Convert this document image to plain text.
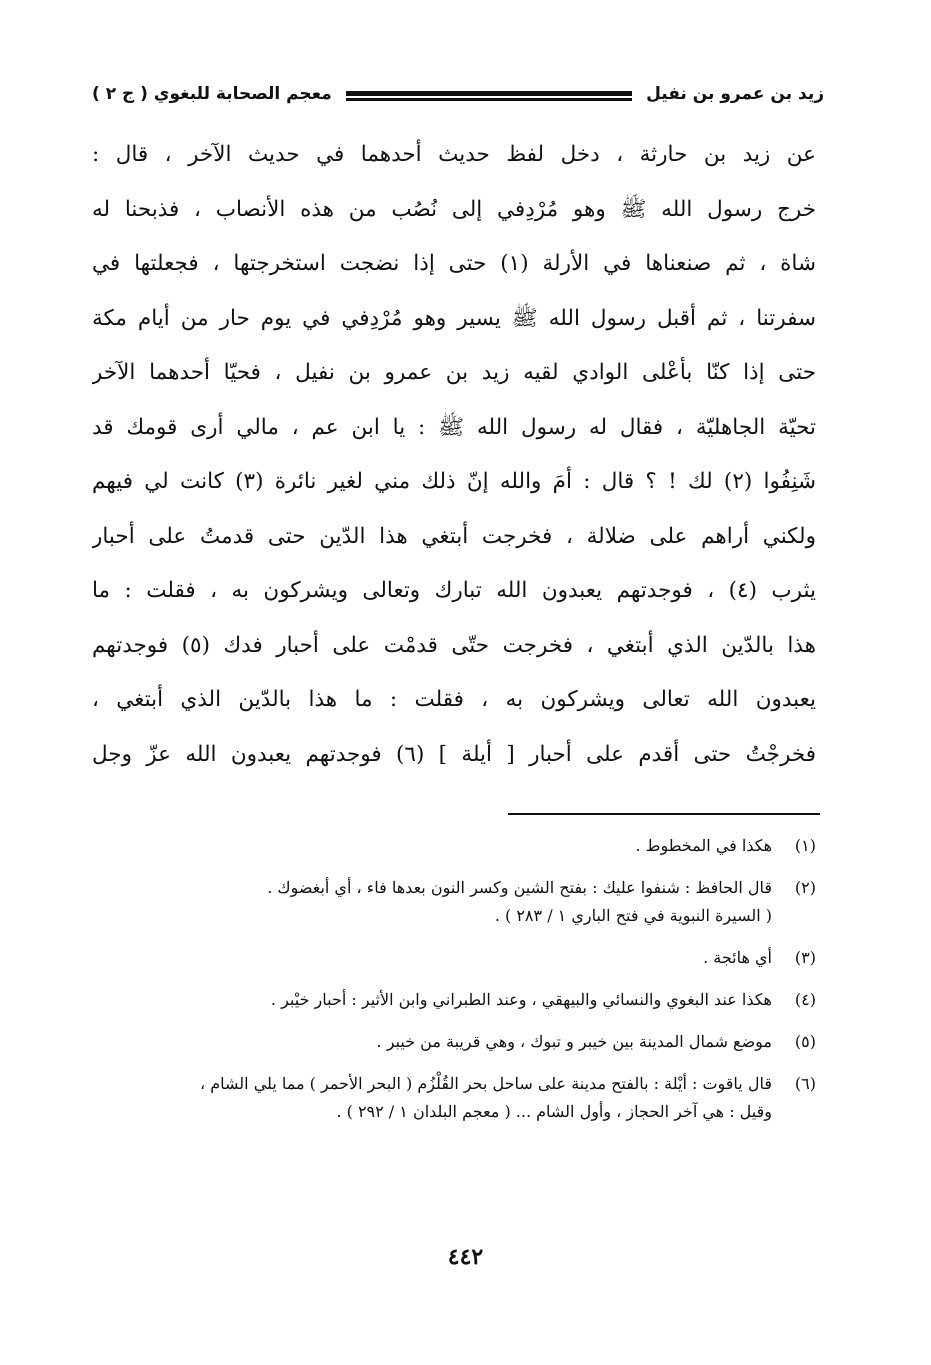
زيد بن عمرو بن نفيل
معجم الصحابة للبغوي ( ج ٢ )
عن زيد بن حارثة ، دخل لفظ حديث أحدهما في حديث الآخر ، قال :
خرج رسول الله ﷺ وهو مُرْدِفي إلى نُصُب من هذه الأنصاب ، فذبحنا له
شاة ، ثم صنعناها في الأرلة (١) حتى إذا نضجت استخرجتها ، فجعلتها في
سفرتنا ، ثم أقبل رسول الله ﷺ يسير وهو مُرْدِفي في يوم حار من أيام مكة
حتى إذا كنّا بأعْلى الوادي لقيه زيد بن عمرو بن نفيل ، فحيّا أحدهما الآخر
تحيّة الجاهليّة ، فقال له رسول الله ﷺ : يا ابن عم ، مالي أرى قومك قد
شَنِفُوا (٢) لك ! ؟ قال : أمَ والله إنّ ذلك مني لغير نائرة (٣) كانت لي فيهم
ولكني أراهم على ضلالة ، فخرجت أبتغي هذا الدّين حتى قدمتُ على أحبار
يثرب (٤) ، فوجدتهم يعبدون الله تبارك وتعالى ويشركون به ، فقلت : ما
هذا بالدّين الذي أبتغي ، فخرجت حتّى قدمْت على أحبار فدك (٥) فوجدتهم
يعبدون الله تعالى ويشركون به ، فقلت : ما هذا بالدّين الذي أبتغي ،
فخرجْتُ حتى أقدم على أحبار [ أيلة ] (٦) فوجدتهم يعبدون الله عزّ وجل
(١)
هكذا في المخطوط .
(٢)
قال الحافظ : شنفوا عليك : بفتح الشين وكسر النون بعدها فاء ، أي أبغضوك .
( السيرة النبوية في فتح الباري ١ / ٢٨٣ ) .
(٣)
أي هائجة .
(٤)
هكذا عند البغوي والنسائي والبيهقي ، وعند الطبراني وابن الأثير : أحبار خيْبر .
(٥)
موضع شمال المدينة بين خيبر و تبوك ، وهي قريبة من خيبر .
(٦)
قال ياقوت : أيْلة : بالفتح مدينة على ساحل بحر القُلْزُم ( البحر الأحمر ) مما يلي الشام ،
وقيل : هي آخر الحجاز ، وأول الشام ... ( معجم البلدان ١ / ٢٩٢ ) .
٤٤٢
